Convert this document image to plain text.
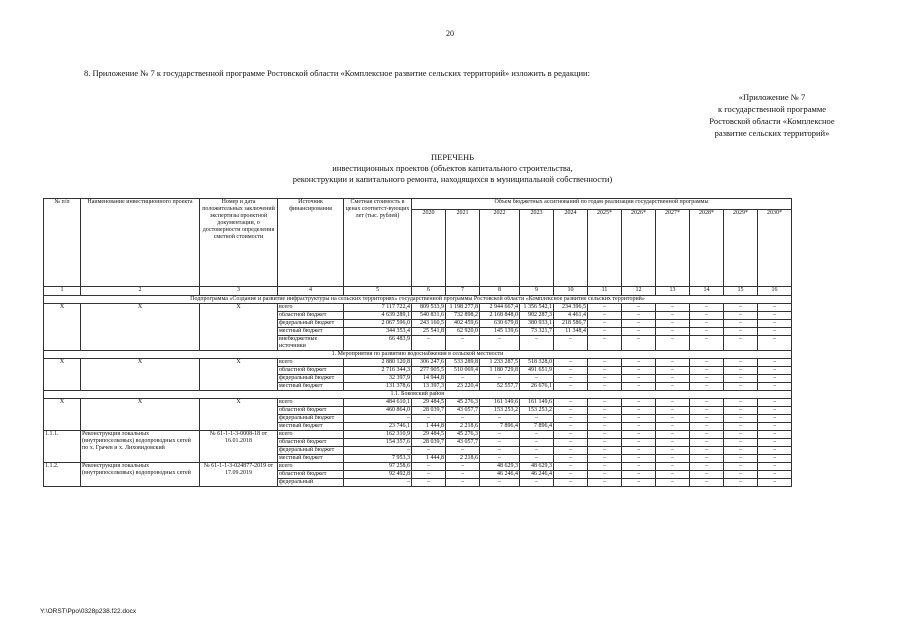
20
8. Приложение № 7 к государственной программе Ростовской области «Комплексное развитие сельских территорий» изложить в редакции:
«Приложение № 7
к государственной программе
Ростовской области «Комплексное
развитие сельских территорий»
ПЕРЕЧЕНЬ
инвестиционных проектов (объектов капитального строительства,
реконструкции и капитального ремонта, находящихся в муниципальной собственности)
№ п/п	Наименование инвестиционного проекта	Номер и дата положительных заключений экспертизы проектной документации, о достоверности определения сметной стоимости	Источник финансирования	Сметная стоимость в ценах соответст-вующих лет (тыс. рублей)	Объем бюджетных ассигнований по годам реализации государственной программы										
					2020	2021	2022	2023	2024	2025*	2026*	2027*	2028*	2029*	2030*
1	2	3	4	5	6	7	8	9	10	11	12	13	14	15	16
Подпрограмма «Создание и развитие инфраструктуры на сельских территориях» государственной программы Ростовской области «Комплексное развитие сельских территорий»															
X	X	X	всего	7 117 722,4	809 533,9	1 198 277,8	2 944 667,4	1 356 542,1	234 396,5	–	–	–	–	–	–
			областной бюджет	4 639 289,1	540 831,6	732 898,2	2 168 848,0	902 287,3	4 461,4	–	–	–	–	–	–
			федеральный бюджет	2 067 596,0	243 160,5	402 459,6	630 679,8	380 933,1	218 586,7	–	–	–	–	–	–
			местный бюджет	344 353,4	25 541,8	62 920,0	145 139,6	73 321,7	11 348,4	–	–	–	–	–	–
			внебюджетные источники	66 483,9	–	–	–	–	–	–	–	–	–	–	–
1. Мероприятия по развитию водоснабжения в сельской местности															
X	X	X	всего	2 880 120,8	306 247,6	533 289,8	1 233 287,5	518 328,0	–	–	–	–	–	–	–
			областной бюджет	2 716 344,3	277 905,5	510 069,4	1 180 729,8	491 651,9	–	–	–	–	–	–	–
			федеральный бюджет	32 397,9	14 944,8	–	–	–	–	–	–	–	–	–	–
			местный бюджет	131 378,6	13 397,3	23 220,4	52 557,7	26 676,1	–	–	–	–	–	–	–
1.1. Боковский район															
X	X	X	всего	484 610,1	29 484,5	45 276,3	161 149,6	161 149,6	–	–	–	–	–	–	–
			областной бюджет	460 864,0	28 039,7	43 057,7	153 253,2	153 253,2	–	–	–	–	–	–	–
			федеральный бюджет	–	–	–	–	–	–	–	–	–	–	–	–
			местный бюджет	23 746,1	1 444,8	2 218,6	7 896,4	7 896,4	–	–	–	–	–	–	–
1.1.1.	Реконструкция локальных (внутрипоселковых) водопроводных сетей по х. Грачев и х. Лиховидовский	№ 61-1-1-3-0008-18 от 16.01.2018	всего	162 310,9	29 484,5	45 276,3	–	–	–	–	–	–	–	–	–
			областной бюджет	154 357,6	28 039,7	43 057,7	–	–	–	–	–	–	–	–	–
			федеральный бюджет	–	–	–	–	–	–	–	–	–	–	–	–
			местный бюджет	7 953,3	1 444,8	2 218,6	–	–	–	–	–	–	–	–	–
1.1.2.	Реконструкция локальных (внутрипоселковых) водопроводных сетей	№ 61-1-1-3-024877-2019 от 17.09.2019	всего	97 258,6	–	–	48 629,3	48 629,3	–	–	–	–	–	–	–
			областной бюджет	92 492,8	–	–	46 246,4	46 246,4	–	–	–	–	–	–	–
			федеральный	–	–	–	–	–	–	–	–	–	–	–	–
Y:\ORST\Ppo\0328p238.f22.docx
